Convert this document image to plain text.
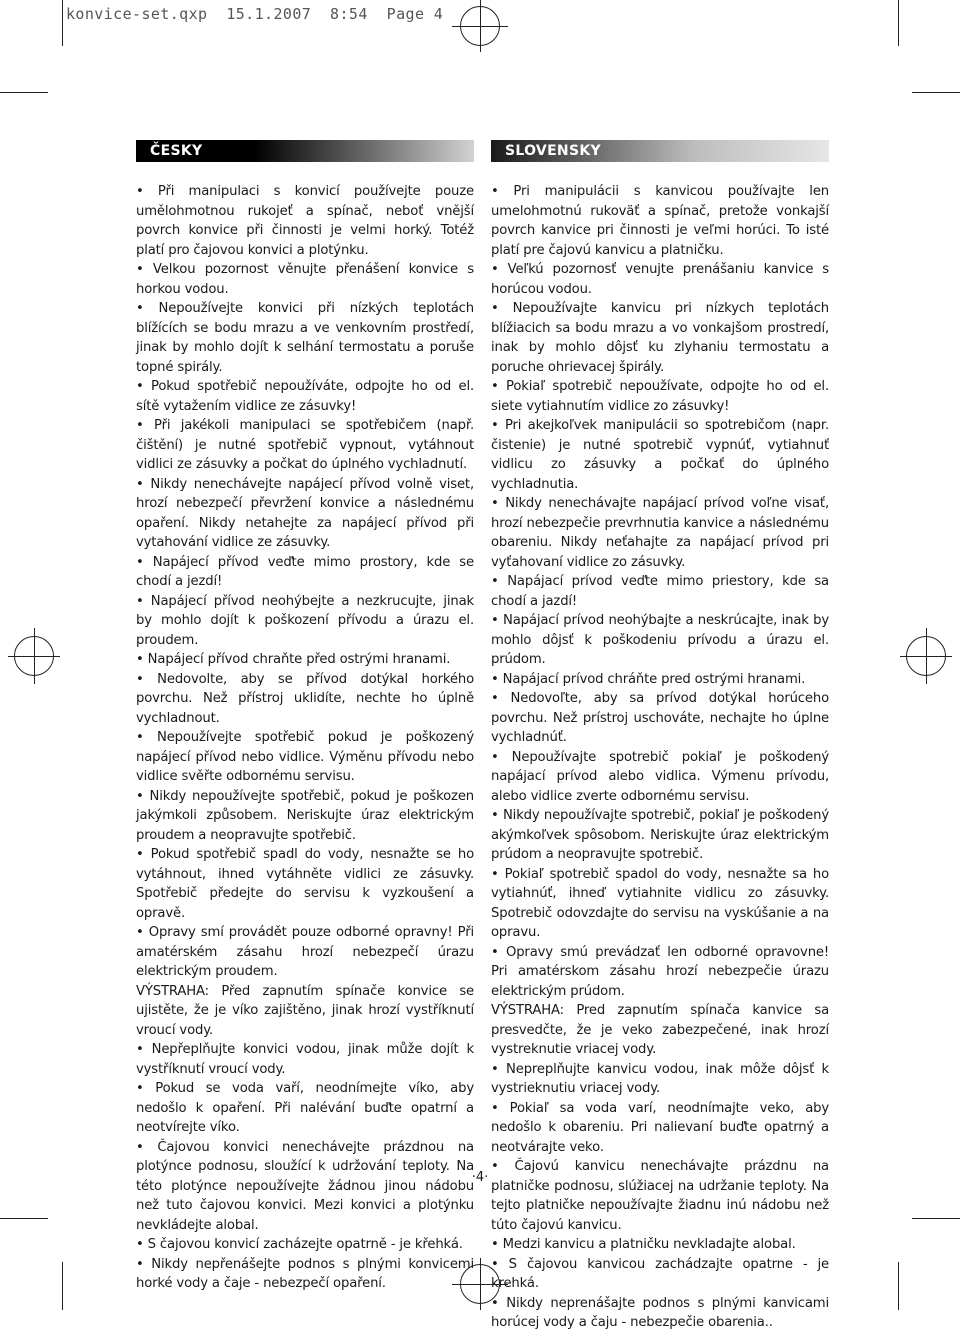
konvice-set.qxp  15.1.2007  8:54  Page 4
ČESKY

• Při manipulaci s konvicí používejte pouze umělohmotnou rukojeť a spínač, neboť vnější povrch konvice při činnosti je velmi horký. Totéž platí pro čajovou konvici a plotýnku.

• Velkou pozornost věnujte přenášení konvice s horkou vodou.

• Nepoužívejte konvici při nízkých teplotách blížících se bodu mrazu a ve venkovním prostředí, jinak by mohlo dojít k selhání termostatu a poruše topné spirály.

• Pokud spotřebič nepoužíváte, odpojte ho od el. sítě vytažením vidlice ze zásuvky!

• Při jakékoli manipulaci se spotřebičem (např. čištění) je nutné spotřebič vypnout, vytáhnout vidlici ze zásuvky a počkat do úplného vychladnutí.

• Nikdy nenechávejte napájecí přívod volně viset, hrozí nebezpečí převržení konvice a následnému opaření. Nikdy netahejte za napájecí přívod při vytahování vidlice ze zásuvky.

• Napájecí přívod veďte mimo prostory, kde se chodí a jezdí!

• Napájecí přívod neohýbejte a nezkrucujte, jinak by mohlo dojít k poškození přívodu a úrazu el. proudem.

• Napájecí přívod chraňte před ostrými hranami.

• Nedovolte, aby se přívod dotýkal horkého povrchu. Než přístroj uklidíte, nechte ho úplně vychladnout.

• Nepoužívejte spotřebič pokud je poškozený napájecí přívod nebo vidlice. Výměnu přívodu nebo vidlice svěřte odbornému servisu.

• Nikdy nepoužívejte spotřebič, pokud je poškozen jakýmkoli způsobem. Neriskujte úraz elektrickým proudem a neopravujte spotřebič.

• Pokud spotřebič spadl do vody, nesnažte se ho vytáhnout, ihned vytáhněte vidlici ze zásuvky. Spotřebič předejte do servisu k vyzkoušení a opravě.

• Opravy smí provádět pouze odborné opravny! Při amatérském zásahu hrozí nebezpečí úrazu elektrickým proudem.

VÝSTRAHA: Před zapnutím spínače konvice se ujistěte, že je víko zajištěno, jinak hrozí vystříknutí vroucí vody.

• Nepřeplňujte konvici vodou, jinak může dojít k vystříknutí vroucí vody.

• Pokud se voda vaří, neodnímejte víko, aby nedošlo k opaření. Při nalévání buďte opatrní a neotvírejte víko.

• Čajovou konvici nenechávejte prázdnou na plotýnce podnosu, sloužící k udržování teploty. Na této plotýnce nepoužívejte žádnou jinou nádobu než tuto čajovou konvici. Mezi konvici a plotýnku nevkládejte alobal.

• S čajovou konvicí zacházejte opatrně - je křehká.

• Nikdy nepřenášejte podnos s plnými konvicemi horké vody a čaje - nebezpečí opaření.

SLOVENSKY

• Pri manipulácii s kanvicou používajte len umelohmotnú rukoväť a spínač, pretože vonkajší povrch kanvice pri činnosti je veľmi horúci. To isté platí pre čajovú kanvicu a platničku.

• Veľkú pozornosť venujte prenášaniu kanvice s horúcou vodou.

• Nepoužívajte kanvicu pri nízkych teplotách blížiacich sa bodu mrazu a vo vonkajšom prostredí, inak by mohlo dôjsť ku zlyhaniu termostatu a poruche ohrievacej špirály.

• Pokiaľ spotrebič nepoužívate, odpojte ho od el. siete vytiahnutím vidlice zo zásuvky!

• Pri akejkoľvek manipulácii so spotrebičom (napr. čistenie) je nutné spotrebič vypnúť, vytiahnuť vidlicu zo zásuvky a počkať do úplného vychladnutia.

• Nikdy nenechávajte napájací prívod voľne visať, hrozí nebezpečie prevrhnutia kanvice a následnému obareniu. Nikdy neťahajte za napájací prívod pri vyťahovaní vidlice zo zásuvky.

• Napájací prívod veďte mimo priestory, kde sa chodí a jazdí!

• Napájací prívod neohýbajte a neskrúcajte, inak by mohlo dôjsť k poškodeniu prívodu a úrazu el. prúdom.

• Napájací prívod chráňte pred ostrými hranami.

• Nedovoľte, aby sa prívod dotýkal horúceho povrchu. Než prístroj uschováte, nechajte ho úplne vychladnúť.

• Nepoužívajte spotrebič pokiaľ je poškodený napájací prívod alebo vidlica. Výmenu prívodu, alebo vidlice zverte odbornému servisu.

• Nikdy nepoužívajte spotrebič, pokiaľ je poškodený akýmkoľvek spôsobom. Neriskujte úraz elektrickým prúdom a neopravujte spotrebič.

• Pokiaľ spotrebič spadol do vody, nesnažte sa ho vytiahnúť, ihneď vytiahnite vidlicu zo zásuvky. Spotrebič odovzdajte do servisu na vyskúšanie a na opravu.

• Opravy smú prevádzať len odborné opravovne! Pri amatérskom zásahu hrozí nebezpečie úrazu elektrickým prúdom.

VÝSTRAHA: Pred zapnutím spínača kanvice sa presvedčte, že je veko zabezpečené, inak hrozí vystreknutie vriacej vody.

• Nepreplňujte kanvicu vodou, inak môže dôjsť k vystrieknutiu vriacej vody.

• Pokiaľ sa voda varí, neodnímajte veko, aby nedošlo k obareniu. Pri nalievaní buďte opatrný a neotvárajte veko.

• Čajovú kanvicu nenechávajte prázdnu na platničke podnosu, slúžiacej na udržanie teploty. Na tejto platničke nepoužívajte žiadnu inú nádobu než túto čajovú kanvicu.

• Medzi kanvicu a platničku nevkladajte alobal.

• S čajovou kanvicou zachádzajte opatrne - je krehká.

• Nikdy neprenášajte podnos s plnými kanvicami horúcej vody a čaju - nebezpečie obarenia..

·4·
